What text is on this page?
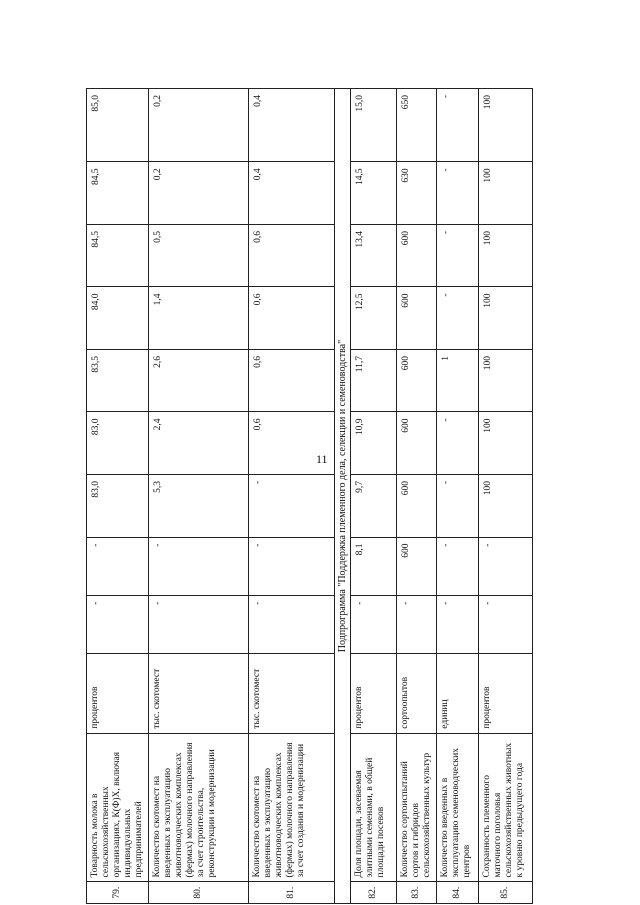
11
79.	Товарность молока в сельскохозяйственных организациях, К(Ф)Х, включая индивидуальных предпринимателей	процентов	-	-	83,0	83,0	83,5	84,0	84,5	84,5	85,0
80.	Количество скотомест на введенных в эксплуатацию животноводческих комплексах (фермах) молочного направления за счет строительства, реконструкции и модернизации	тыс. скотомест	-	-	5,3	2,4	2,6	1,4	0,5	0,2	0,2
81.	Количество скотомест на введенных в эксплуатацию животноводческих комплексах (фермах) молочного направления за счет создания и модернизации	тыс. скотомест	-	-	-	0,6	0,6	0,6	0,6	0,4	0,4
Подпрограмма "Поддержка племенного дела, селекции и семеноводства"											
82.	Доля площади, засеваемая элитными семенами, в общей площади посевов	процентов	-	8,1	9,7	10,9	11,7	12,5	13,4	14,5	15,0
83.	Количество сортоиспытаний сортов и гибридов сельскохозяйственных культур	сортоопытов	-	600	600	600	600	600	600	630	650
84.	Количество введенных в эксплуатацию семеноводческих центров	единиц	-	-	-	-	1	-	-	-	-
85.	Сохранность племенного маточного поголовья сельскохозяйственных животных к уровню предыдущего года	процентов	-	-	100	100	100	100	100	100	100
